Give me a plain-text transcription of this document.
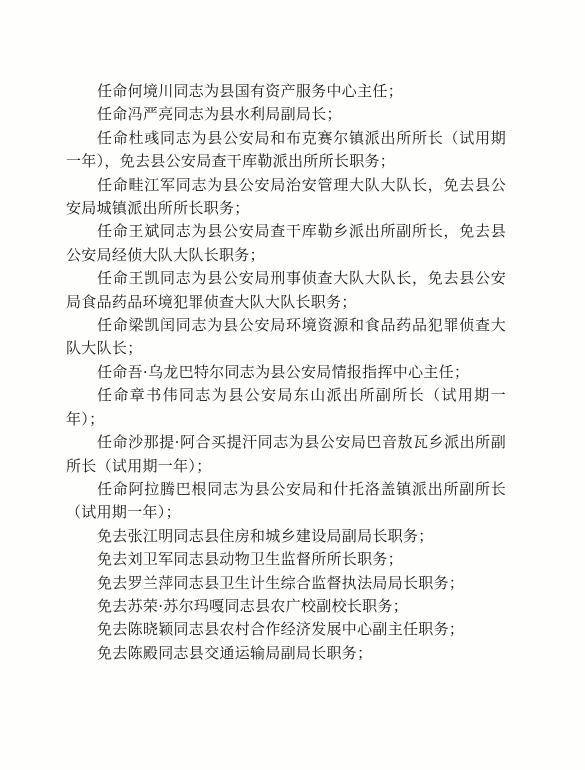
任命何境川同志为县国有资产服务中心主任；

任命冯严亮同志为县水利局副局长；

任命杜彧同志为县公安局和布克赛尔镇派出所所长（试用期一年），免去县公安局查干库勒派出所所长职务；

任命畦江军同志为县公安局治安管理大队大队长，免去县公安局城镇派出所所长职务；

任命王斌同志为县公安局查干库勒乡派出所副所长，免去县公安局经侦大队大队长职务；

任命王凯同志为县公安局刑事侦查大队大队长，免去县公安局食品药品环境犯罪侦查大队大队长职务；

任命梁凯闰同志为县公安局环境资源和食品药品犯罪侦查大队大队长；

任命吾·乌龙巴特尔同志为县公安局情报指挥中心主任；

任命章书伟同志为县公安局东山派出所副所长（试用期一年）；

任命沙那提·阿合买提汗同志为县公安局巴音敖瓦乡派出所副所长（试用期一年）；

任命阿拉腾巴根同志为县公安局和什托洛盖镇派出所副所长（试用期一年）；

免去张江明同志县住房和城乡建设局副局长职务；

免去刘卫军同志县动物卫生监督所所长职务；

免去罗兰萍同志县卫生计生综合监督执法局局长职务；

免去苏荣·苏尔玛嘎同志县农广校副校长职务；

免去陈晓颖同志县农村合作经济发展中心副主任职务；

免去陈殿同志县交通运输局副局长职务；
